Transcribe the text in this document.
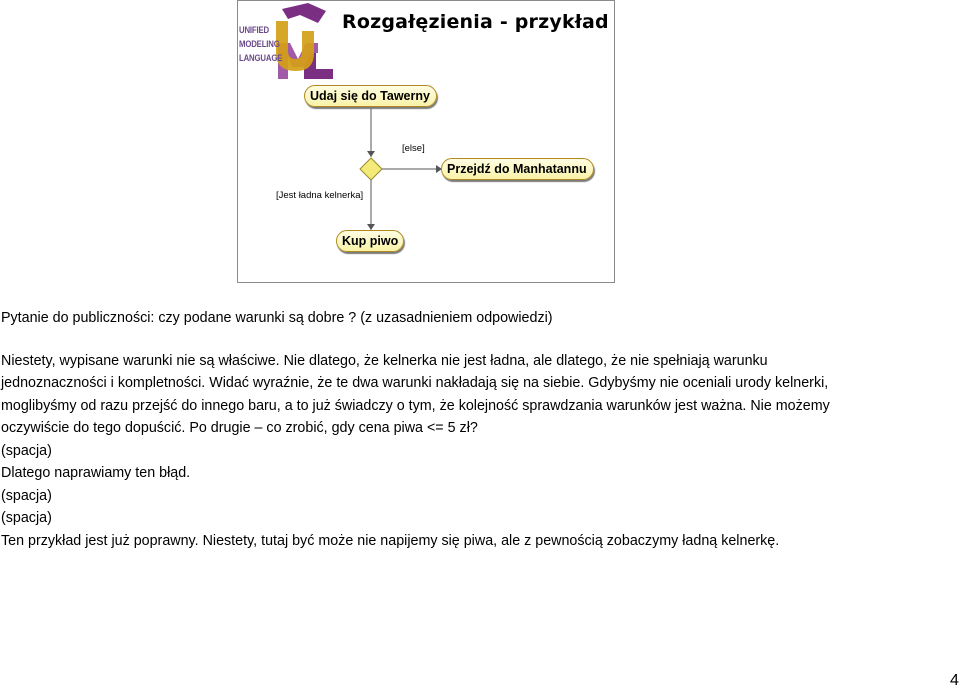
UNIFIED
MODELING
LANGUAGE
Rozgałęzienia - przykład
Udaj się do Tawerny
[else]
Przejdź do Manhatannu
[Jest ładna kelnerka]
Kup piwo

Pytanie do publiczności: czy podane warunki są dobre ? (z uzasadnieniem odpowiedzi)

Niestety, wypisane warunki nie są właściwe. Nie dlatego, że kelnerka nie jest ładna, ale dlatego, że nie spełniają warunku jednoznaczności i kompletności. Widać wyraźnie, że te dwa warunki nakładają się na siebie. Gdybyśmy nie oceniali urody kelnerki, moglibyśmy od razu przejść do innego baru, a to już świadczy o tym, że kolejność sprawdzania warunków jest ważna. Nie możemy oczywiście do tego dopuścić. Po drugie – co zrobić, gdy cena piwa <= 5 zł?

(spacja)

Dlatego naprawiamy ten błąd.

(spacja)

(spacja)

Ten przykład jest już poprawny. Niestety, tutaj być może nie napijemy się piwa, ale z pewnością zobaczymy ładną kelnerkę.

4
